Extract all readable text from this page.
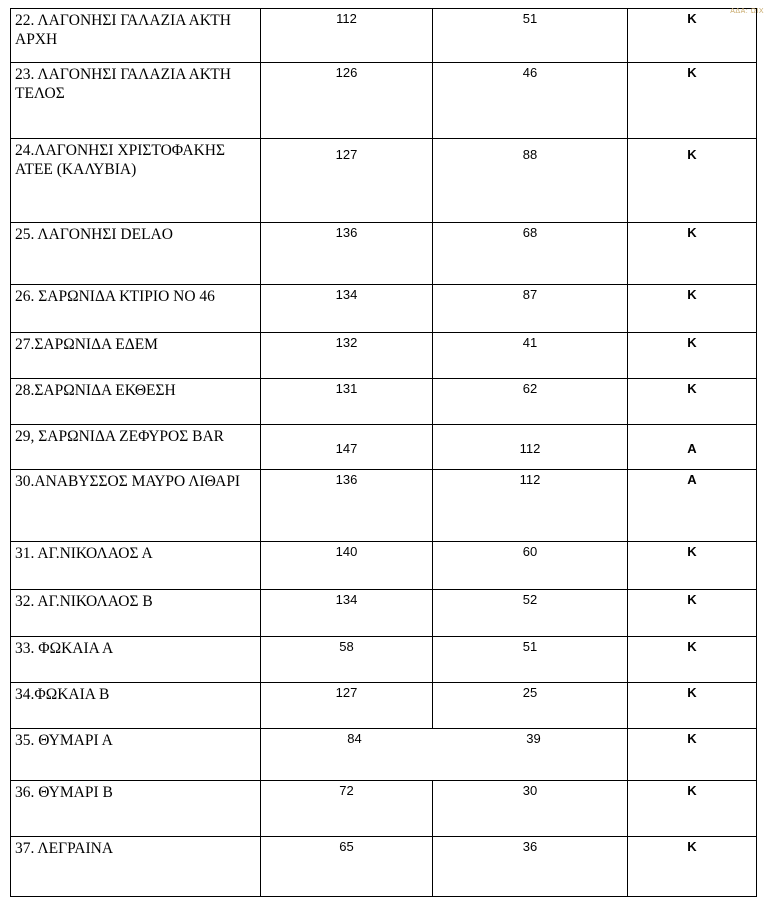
ΑΔΑ: ΩΙΧ
22. ΛΑΓΟΝΗΣΙ ΓΑΛΑΖΙΑ ΑΚΤΗ ΑΡΧΗ	112	51	Κ
23. ΛΑΓΟΝΗΣΙ ΓΑΛΑΖΙΑ ΑΚΤΗ ΤΕΛΟΣ	126	46	Κ
24.ΛΑΓΟΝΗΣΙ ΧΡΙΣΤΟΦΑΚΗΣ ΑΤΕΕ (ΚΑΛΥΒΙΑ)	127	88	Κ
25. ΛΑΓΟΝΗΣΙ DELAO	136	68	Κ
26. ΣΑΡΩΝΙΔΑ ΚΤΙΡΙΟ ΝΟ 46	134	87	Κ
27.ΣΑΡΩΝΙΔΑ ΕΔΕΜ	132	41	Κ
28.ΣΑΡΩΝΙΔΑ ΕΚΘΕΣΗ	131	62	Κ
29, ΣΑΡΩΝΙΔΑ ΖΕΦΥΡΟΣ BAR	147	112	Α
30.ΑΝΑΒΥΣΣΟΣ ΜΑΥΡΟ ΛΙΘΑΡΙ	136	112	Α
31. ΑΓ.ΝΙΚΟΛΑΟΣ Α	140	60	Κ
32. ΑΓ.ΝΙΚΟΛΑΟΣ Β	134	52	Κ
33. ΦΩΚΑΙΑ Α	58	51	Κ
34.ΦΩΚΑΙΑ Β	127	25	Κ
35. ΘΥΜΑΡΙ Α	84 39		Κ
36. ΘΥΜΑΡΙ Β	72	30	Κ
37. ΛΕΓΡΑΙΝΑ	65	36	Κ
